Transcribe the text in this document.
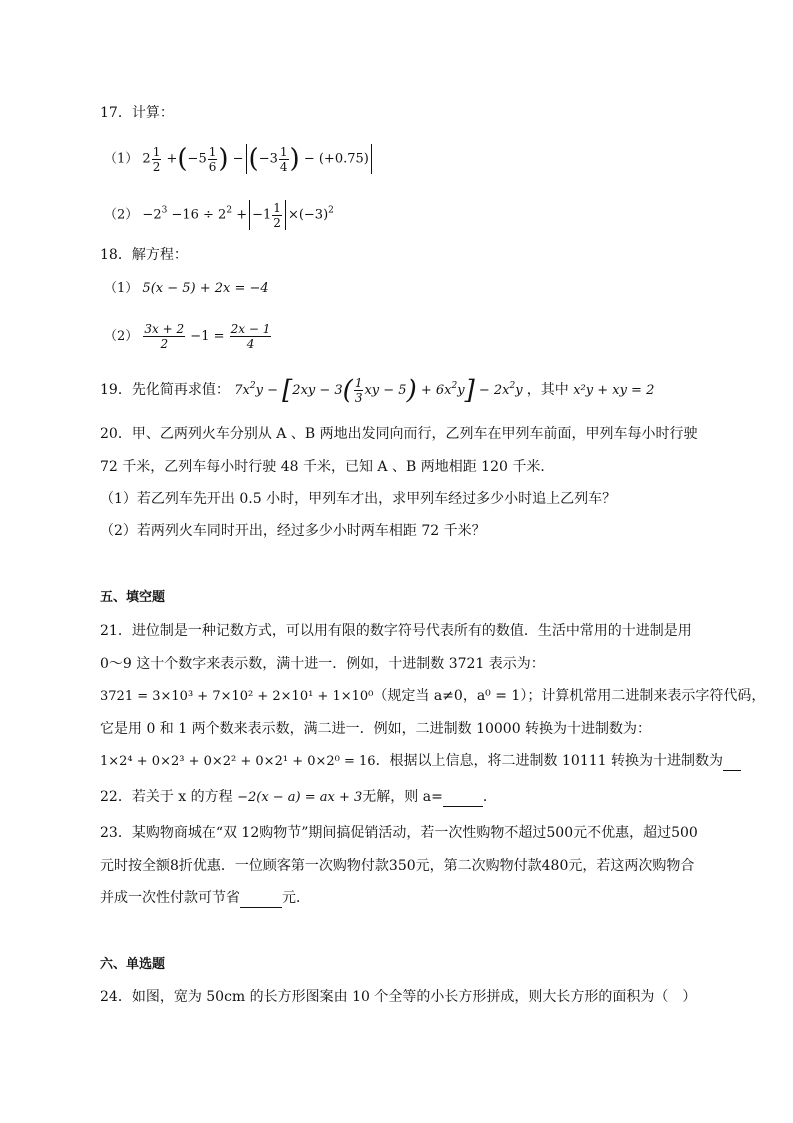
17．计算：
（1） $2 \frac{1}{2} +(-5 \frac{1}{6}$ ) − ($-3 \frac{1}{4}$ ) − (+0.75)
$(2) -2^3 -16 \div 2^2 + -1 \frac{1}{2} \times(-3)^2$
18．解方程：
（1） 5(x − 5) + 2x = −4
$(2) \frac{3x + 2}{2} -1 = \frac{2x - 1}{4}$
19．先化简再求值： $7x^2y - [2xy - 3( \frac{1}{3}$ xy − $5) + 6x^2y] - 2x^2y$ ，其中 x²y + xy = 2
20．甲、乙两列火车分别从 A 、B 两地出发同向而行，乙列车在甲列车前面，甲列车每小时行驶
72 千米，乙列车每小时行驶 48 千米，已知 A 、B 两地相距 120 千米．
（1）若乙列车先开出 0.5 小时，甲列车才出，求甲列车经过多少小时追上乙列车？
（2）若两列火车同时开出，经过多少小时两车相距 72 千米？
五、填空题
21．进位制是一种记数方式，可以用有限的数字符号代表所有的数值．生活中常用的十进制是用
0～9 这十个数字来表示数，满十进一．例如，十进制数 3721 表示为：
3721 = 3×10³ + 7×10² + 2×10¹ + 1×10⁰（规定当 a≠0，a⁰ = 1）；计算机常用二进制来表示字符代码，
它是用 0 和 1 两个数来表示数，满二进一．例如，二进制数 10000 转换为十进制数为：
1×2⁴ + 0×2³ + 0×2² + 0×2¹ + 0×2⁰ = 16．根据以上信息，将二进制数 10111 转换为十进制数为
22．若关于 x 的方程 −2(x − a) = ax + 3无解，则 a=	．
23．某购物商城在“双 12购物节”期间搞促销活动，若一次性购物不超过500元不优惠，超过500
元时按全额8折优惠．一位顾客第一次购物付款350元，第二次购物付款480元，若这两次购物合
并成一次性付款可节省	元．
六、单选题
24．如图，宽为 50cm 的长方形图案由 10 个全等的小长方形拼成，则大长方形的面积为（　）
